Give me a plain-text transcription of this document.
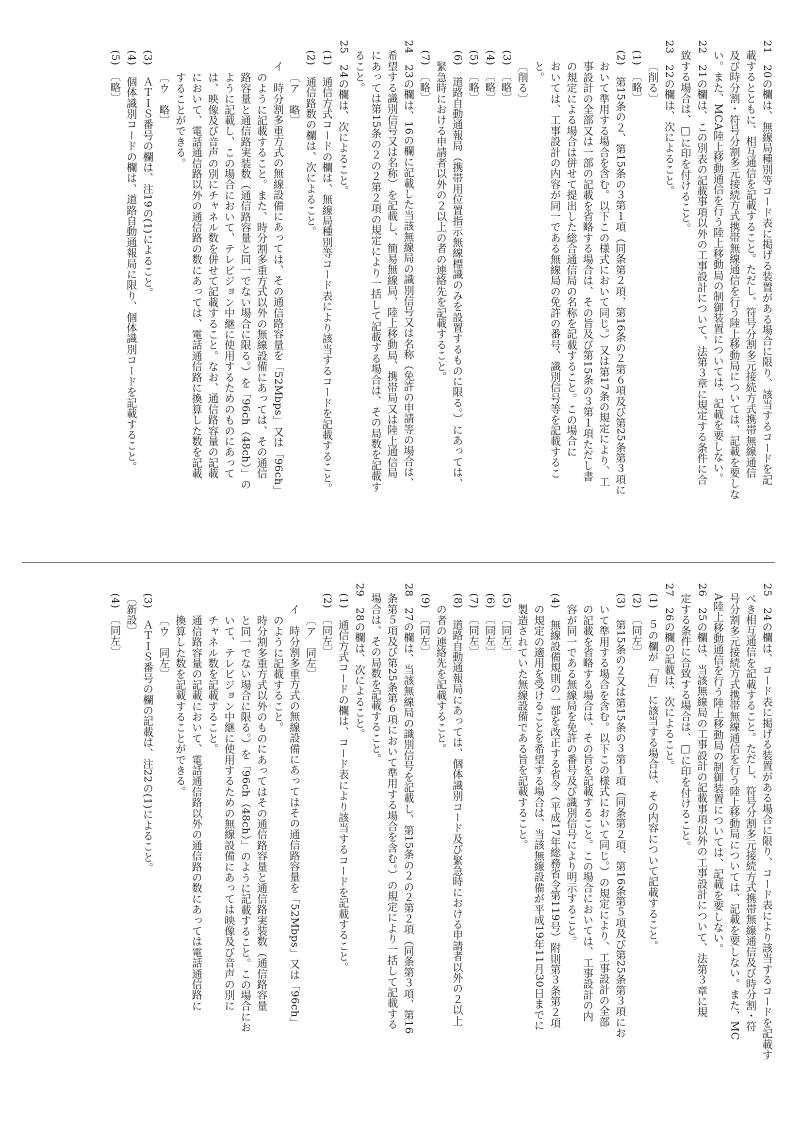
21　20の欄は、無線局種別等コード表に掲げる装置がある場合に限り、該当するコードを記
載するとともに、相互通信を記載すること。ただし、符号分割多元接続方式携帯無線通信
及び時分割・符号分割多元接続方式携帯無線通信を行う陸上移動局については、記載を要しな
い。また、MCA陸上移動通信を行う陸上移動局の制御装置については、記載を要しない。
22　21の欄は、この別表の記載事項以外の工事設計について、法第３章に規定する条件に合
致する場合は、□に印を付けること。
23　22の欄は、次によること。
〔削る〕
(1)　〔略〕
(2)　第15条の２、第15条の３第１項（同条第２項、第16条の２第６項及び第25条第３項に
おいて準用する場合を含む。以下この様式において同じ。）又は第17条の規定により、工
事設計の全部又は一部の記載を省略する場合は、その旨及び第15条の３第１項ただし書
の規定による場合は併せて提出した総合通信局の名称を記載すること。この場合に
おいては、工事設計の内容が同一である無線局の免許の番号、識別信号等を記載するこ
と。
〔削る〕
(3)　〔略〕
(4)　〔略〕
(5)　〔略〕
(6)　道路自動通報局（携帯用位置指示無線標識のみを設置するものに限る。）にあっては、
緊急時における申請者以外の２以上の者の連絡先を記載すること。
(7)　〔略〕
24　23の欄は、16の欄に記載した当該無線局の識別信号又は名称（免許の申請等の場合は、
希望する識別信号又は名称）を記載し、簡易無線局、陸上移動局、携帯局又は陸上通信局
にあっては第15条の２の２第２項の規定により一括して記載する場合は、その局数を記載す
ること。
25　24の欄は、次によること。
(1)　通信方式コードの欄は、無線局種別等コード表により該当するコードを記載すること。
(2)　通信路数の欄は、次によること。
〔ア　略〕
イ　時分割多重方式の無線設備にあっては、その通信路容量を「52Mbps」又は「96ch」
のように記載すること。また、時分割多重方式以外の無線設備にあっては、その通信
路容量と通信路実装数（通信路容量と同一でない場合に限る。）を「96ch（48ch）」の
ように記載し、この場合において、テレビジョン中継に使用するためのものにあって
は、映像及び音声の別にチャネル数を併せて記載すること。なお、通信路容量の記載
において、電話通信路以外の通信路の数にあっては、電話通信路に換算した数を記載
することができる。
〔ウ　略〕
(3)　ＡＴＩＳ番号の欄は、注19の(1)によること。
(4)　個体識別コードの欄は、道路自動通報局に限り、個体識別コードを記載すること。
(5)　〔略〕
25　24の欄は、コード表に掲げる装置がある場合に限り、コード表により該当するコードを記載す
べき相互通信を記載すること。ただし、符号分割多元接続方式携帯無線通信及び時分割・符
号分割多元接続方式携帯無線通信を行う陸上移動局については、記載を要しない。また、MC
A陸上移動通信を行う陸上移動局の制御装置については、記載を要しない。
26　25の欄は、当該無線局の工事設計の記載事項以外の工事設計について、法第３章に規
定する条件に合致する場合は、□に印を付けること。
27　26の欄の記載は、次によること。
(1)　５の欄が「有」に該当する場合は、その内容について記載すること。
(2)　〔同左〕
(3)　第15条の２又は第15条の３第１項（同条第２項、第16条第５項及び第25条第３項にお
いて準用する場合を含む。以下この様式において同じ。）の規定により、工事設計の全部
の記載を省略する場合は、その旨を記載すること。この場合においては、工事設計の内
容が同一である無線局を免許の番号及び識別信号により明示すること。
(4)　無線設備規則の一部を改正する省令（平成17年総務省令第119号）附則第３条第２項
の規定の適用を受けることを希望する場合は、当該無線設備が平成19年11月30日までに
製造されていた無線設備である旨を記載すること。
(5)　〔同左〕
(6)　〔同左〕
(7)　〔同左〕
(8)　道路自動通報局にあっては、個体識別コード及び緊急時における申請者以外の２以上
の者の連絡先を記載すること。
(9)　〔同左〕
28　27の欄は、当該無線局の識別信号を記載し、第15条の２の２第２項（同条第３項、第16
条第５項及び第25条第６項において準用する場合を含む。）の規定により一括して記載する
場合は、その局数を記載すること。
29　28の欄は、次によること。
(1)　通信方式コードの欄は、コード表により該当するコードを記載すること。
(2)　〔同左〕
〔ア　同左〕
イ　時分割多重方式の無線設備にあってはその通信路容量を「52Mbps」又は「96ch」
のように記載すること。
時分割多重方式以外のものにあってはその通信路容量と通信路実装数（通信路容量
と同一でない場合に限る。）を「96ch（48ch）」のように記載すること。この場合にお
いて、テレビジョン中継に使用するための無線設備にあっては映像及び音声の別に
チャネル数を記載すること。
通信路容量の記載において、電話通信路以外の通信路の数にあっては電話通信路に
換算した数を記載することができる。
〔ウ　同左〕
(3)　ＡＴＩＳ番号の欄の記載は、注22の(1)によること。
〔新設〕
(4)　〔同左〕
